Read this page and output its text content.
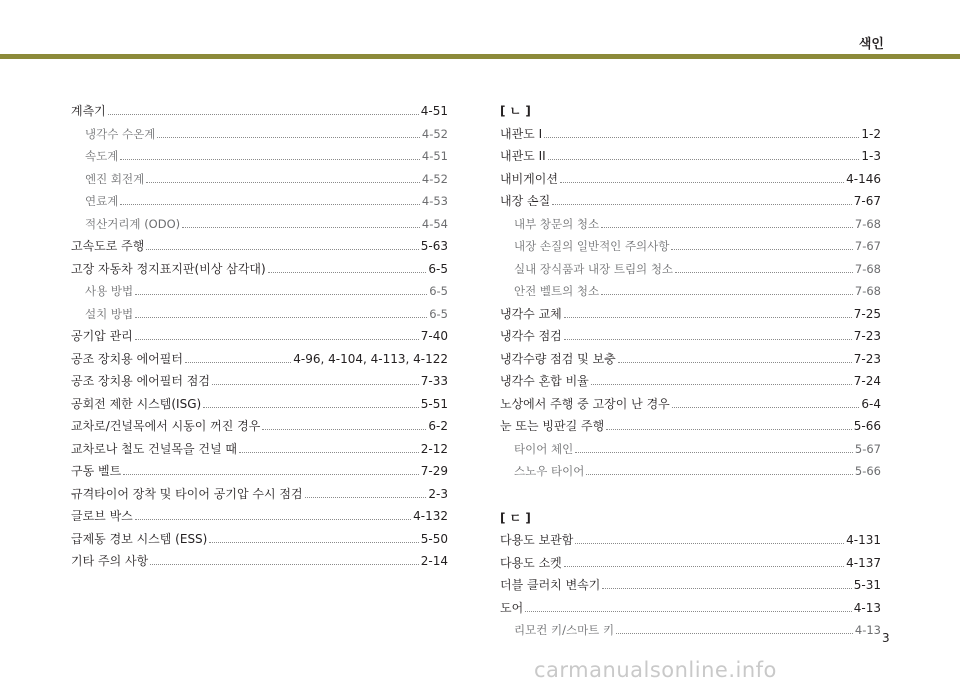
색인
계측기	4-51
냉각수 수온계	4-52
속도계	4-51
엔진 회전계	4-52
연료계	4-53
적산거리계 (ODO)	4-54
고속도로 주행	5-63
고장 자동차 정지표지판(비상 삼각대)	6-5
사용 방법	6-5
설치 방법	6-5
공기압 관리	7-40
공조 장치용 에어필터	4-96, 4-104, 4-113, 4-122
공조 장치용 에어필터 점검	7-33
공회전 제한 시스템(ISG)	5-51
교차로/건널목에서 시동이 꺼진 경우	6-2
교차로나 철도 건널목을 건널 때	2-12
구동 벨트	7-29
규격타이어 장착 및 타이어 공기압 수시 점검	2-3
글로브 박스	4-132
급제동 경보 시스템 (ESS)	5-50
기타 주의 사항	2-14
[ ㄴ ]
내관도 I	1-2
내관도 II	1-3
내비게이션	4-146
내장 손질	7-67
내부 창문의 청소	7-68
내장 손질의 일반적인 주의사항	7-67
실내 장식품과 내장 트림의 청소	7-68
안전 벨트의 청소	7-68
냉각수 교체	7-25
냉각수 점검	7-23
냉각수량 점검 및 보충	7-23
냉각수 혼합 비율	7-24
노상에서 주행 중 고장이 난 경우	6-4
눈 또는 빙판길 주행	5-66
타이어 체인	5-67
스노우 타이어	5-66
[ ㄷ ]
다용도 보관함	4-131
다용도 소켓	4-137
더블 클러치 변속기	5-31
도어	4-13
리모컨 키/스마트 키	4-13
3
carmanualsonline.info
